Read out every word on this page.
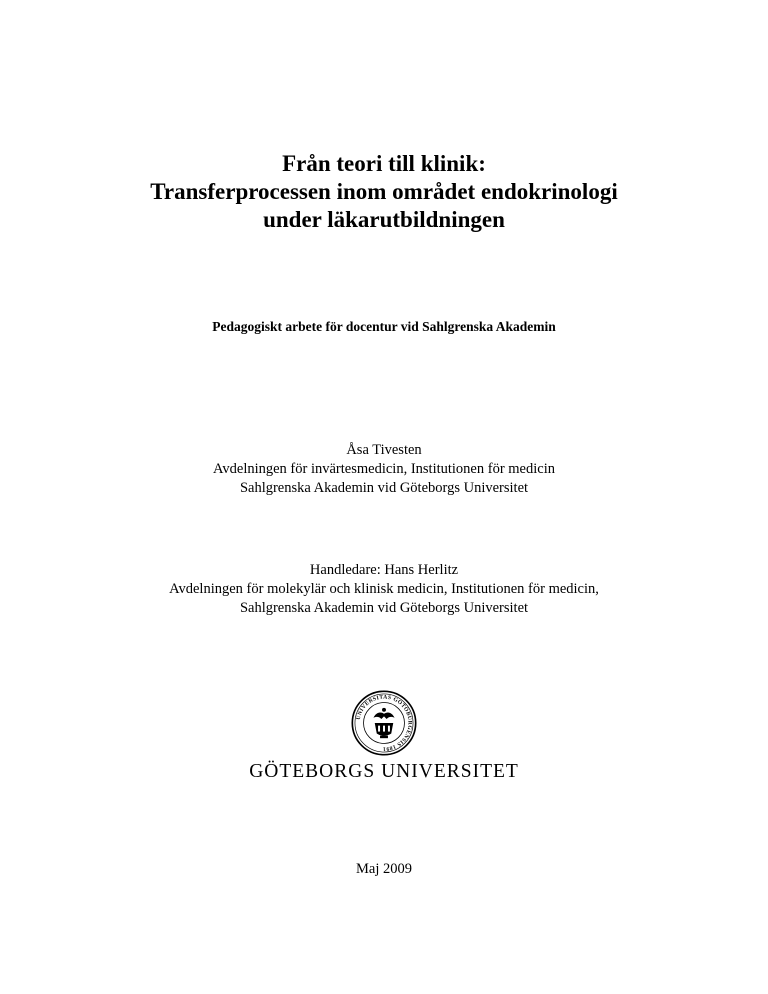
Från teori till klinik:
Transferprocessen inom området endokrinologi
under läkarutbildningen
Pedagogiskt arbete för docentur vid Sahlgrenska Akademin
Åsa Tivesten
Avdelningen för invärtesmedicin, Institutionen för medicin
Sahlgrenska Akademin vid Göteborgs Universitet
Handledare: Hans Herlitz
Avdelningen för molekylär och klinisk medicin, Institutionen för medicin,
Sahlgrenska Akademin vid Göteborgs Universitet
UNIVERSITAS GOTOBURGENSIS 1891
GÖTEBORGS UNIVERSITET
Maj 2009
